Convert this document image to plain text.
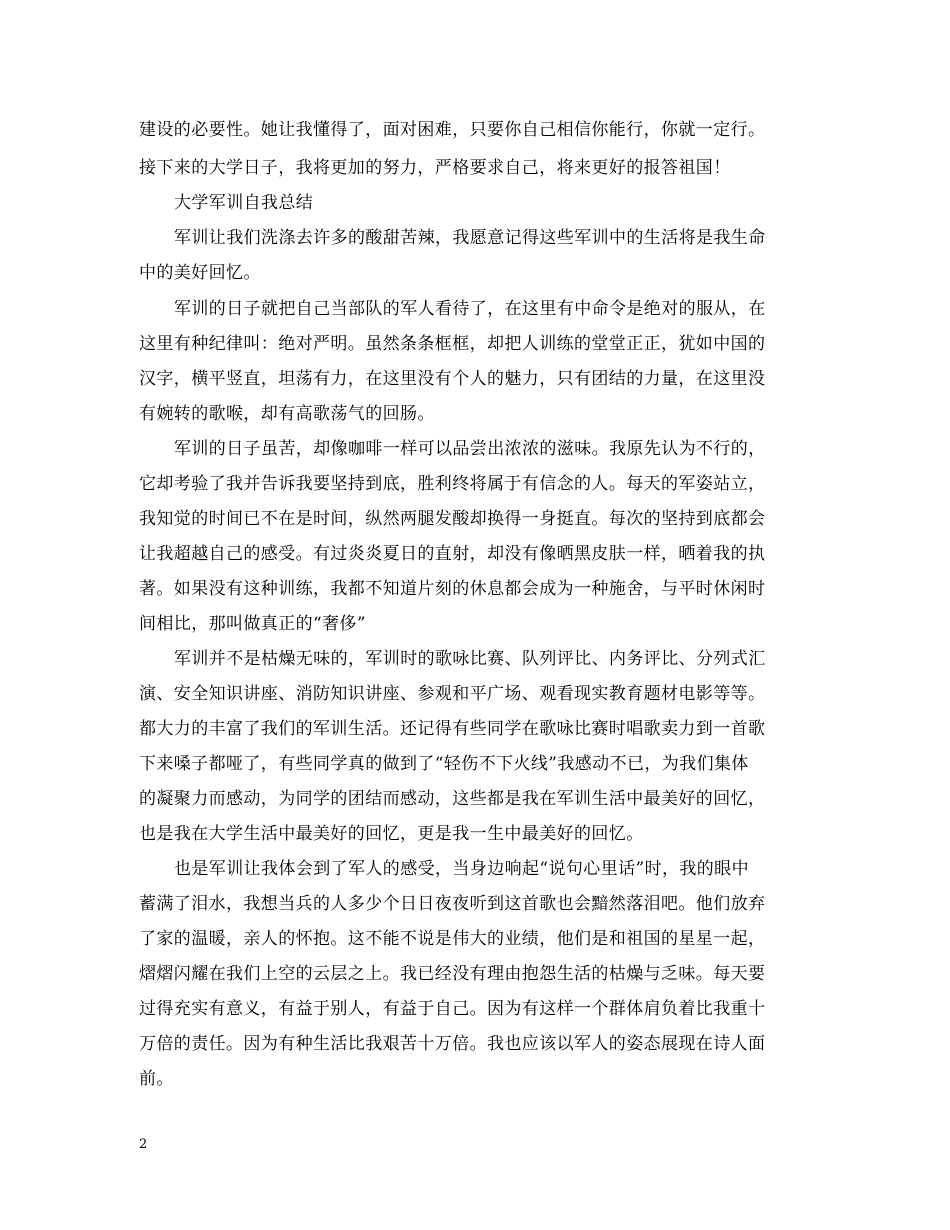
建设的必要性。她让我懂得了，面对困难，只要你自己相信你能行，你就一定行。
接下来的大学日子，我将更加的努力，严格要求自己，将来更好的报答祖国！
大学军训自我总结
军训让我们洗涤去许多的酸甜苦辣，我愿意记得这些军训中的生活将是我生命
中的美好回忆。
军训的日子就把自己当部队的军人看待了，在这里有中命令是绝对的服从，在
这里有种纪律叫：绝对严明。虽然条条框框，却把人训练的堂堂正正，犹如中国的
汉字，横平竖直，坦荡有力，在这里没有个人的魅力，只有团结的力量，在这里没
有婉转的歌喉，却有高歌荡气的回肠。
军训的日子虽苦，却像咖啡一样可以品尝出浓浓的滋味。我原先认为不行的，
它却考验了我并告诉我要坚持到底，胜利终将属于有信念的人。每天的军姿站立，
我知觉的时间已不在是时间，纵然两腿发酸却换得一身挺直。每次的坚持到底都会
让我超越自己的感受。有过炎炎夏日的直射，却没有像晒黑皮肤一样，晒着我的执
著。如果没有这种训练，我都不知道片刻的休息都会成为一种施舍，与平时休闲时
间相比，那叫做真正的“奢侈”
军训并不是枯燥无味的，军训时的歌咏比赛、队列评比、内务评比、分列式汇
演、安全知识讲座、消防知识讲座、参观和平广场、观看现实教育题材电影等等。
都大力的丰富了我们的军训生活。还记得有些同学在歌咏比赛时唱歌卖力到一首歌
下来嗓子都哑了，有些同学真的做到了“轻伤不下火线”我感动不已，为我们集体
的凝聚力而感动，为同学的团结而感动，这些都是我在军训生活中最美好的回忆，
也是我在大学生活中最美好的回忆，更是我一生中最美好的回忆。
也是军训让我体会到了军人的感受，当身边响起“说句心里话”时，我的眼中
蓄满了泪水，我想当兵的人多少个日日夜夜听到这首歌也会黯然落泪吧。他们放弃
了家的温暖，亲人的怀抱。这不能不说是伟大的业绩，他们是和祖国的星星一起，
熠熠闪耀在我们上空的云层之上。我已经没有理由抱怨生活的枯燥与乏味。每天要
过得充实有意义，有益于别人，有益于自己。因为有这样一个群体肩负着比我重十
万倍的责任。因为有种生活比我艰苦十万倍。我也应该以军人的姿态展现在诗人面
前。
2
